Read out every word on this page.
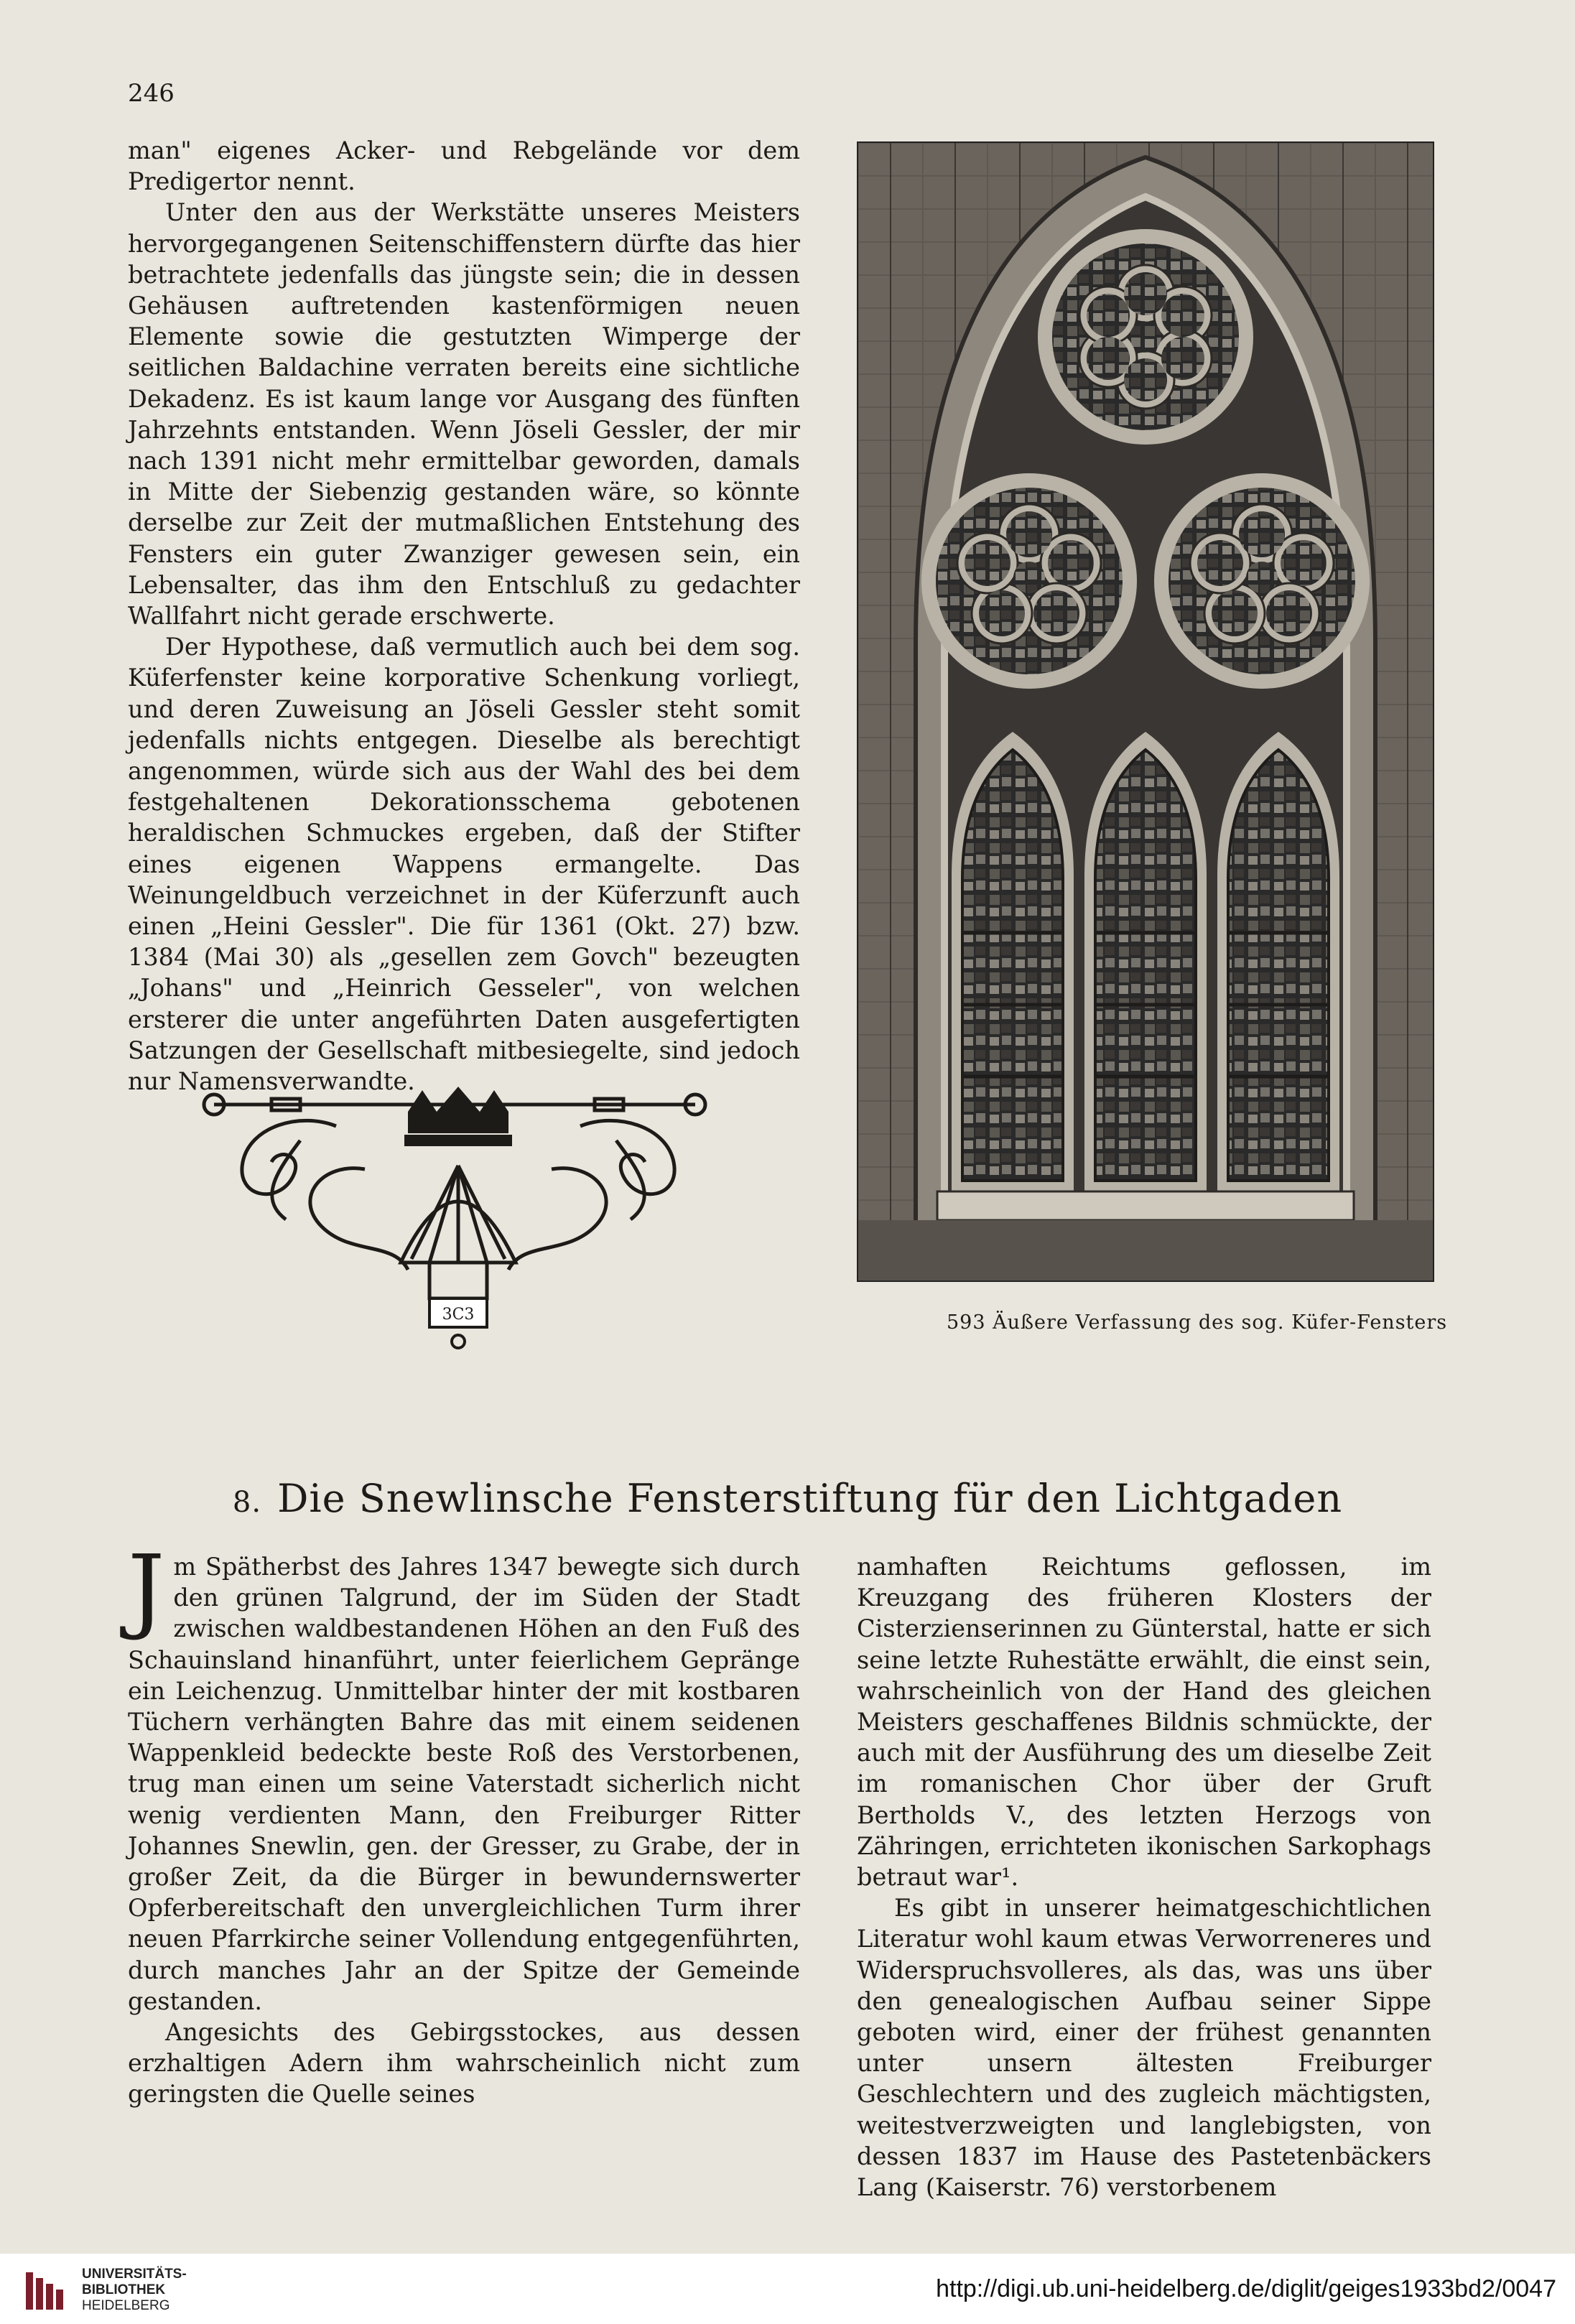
246

man" eigenes Acker- und Rebgelände vor dem Predigertor nennt.

Unter den aus der Werkstätte unseres Meisters hervorgegangenen Seitenschiffenstern dürfte das hier betrachtete jedenfalls das jüngste sein; die in dessen Gehäusen auftretenden kastenförmigen neuen Elemente sowie die gestutzten Wimperge der seitlichen Baldachine verraten bereits eine sichtliche Dekadenz. Es ist kaum lange vor Ausgang des fünften Jahrzehnts entstanden. Wenn Jöseli Gessler, der mir nach 1391 nicht mehr ermittelbar geworden, damals in Mitte der Siebenzig gestanden wäre, so könnte derselbe zur Zeit der mutmaßlichen Entstehung des Fensters ein guter Zwanziger gewesen sein, ein Lebensalter, das ihm den Entschluß zu gedachter Wallfahrt nicht gerade erschwerte.

Der Hypothese, daß vermutlich auch bei dem sog. Küferfenster keine korporative Schenkung vorliegt, und deren Zuweisung an Jöseli Gessler steht somit jedenfalls nichts entgegen. Dieselbe als berechtigt angenommen, würde sich aus der Wahl des bei dem festgehaltenen Dekorationsschema gebotenen heraldischen Schmuckes ergeben, daß der Stifter eines eigenen Wappens ermangelte. Das Weinungeldbuch verzeichnet in der Küferzunft auch einen „Heini Gessler". Die für 1361 (Okt. 27) bzw. 1384 (Mai 30) als „gesellen zem Govch" bezeugten „Johans" und „Heinrich Gesseler", von welchen ersterer die unter angeführten Daten ausgefertigten Satzungen der Gesellschaft mitbesiegelte, sind jedoch nur Namensverwandte.

593 Äußere Verfassung des sog. Küfer-Fensters
3C3
8. Die Snewlinsche Fensterstiftung für den Lichtgaden

Jm Spätherbst des Jahres 1347 bewegte sich durch den grünen Talgrund, der im Süden der Stadt zwischen waldbestandenen Höhen an den Fuß des Schauinsland hinanführt, unter feierlichem Gepränge ein Leichenzug. Unmittelbar hinter der mit kostbaren Tüchern verhängten Bahre das mit einem seidenen Wappenkleid bedeckte beste Roß des Verstorbenen, trug man einen um seine Vaterstadt sicherlich nicht wenig verdienten Mann, den Freiburger Ritter Johannes Snewlin, gen. der Gresser, zu Grabe, der in großer Zeit, da die Bürger in bewundernswerter Opferbereitschaft den unvergleichlichen Turm ihrer neuen Pfarrkirche seiner Vollendung entgegenführten, durch manches Jahr an der Spitze der Gemeinde gestanden.

Angesichts des Gebirgsstockes, aus dessen erzhaltigen Adern ihm wahrscheinlich nicht zum geringsten die Quelle seines

namhaften Reichtums geflossen, im Kreuzgang des früheren Klosters der Cisterzienserinnen zu Günterstal, hatte er sich seine letzte Ruhestätte erwählt, die einst sein, wahrscheinlich von der Hand des gleichen Meisters geschaffenes Bildnis schmückte, der auch mit der Ausführung des um dieselbe Zeit im romanischen Chor über der Gruft Bertholds V., des letzten Herzogs von Zähringen, errichteten ikonischen Sarkophags betraut war¹.

Es gibt in unserer heimatgeschichtlichen Literatur wohl kaum etwas Verworreneres und Widerspruchsvolleres, als das, was uns über den genealogischen Aufbau seiner Sippe geboten wird, einer der frühest genannten unter unsern ältesten Freiburger Geschlechtern und des zugleich mächtigsten, weitestverzweigten und langlebigsten, von dessen 1837 im Hause des Pastetenbäckers Lang (Kaiserstr. 76) verstorbenem

UNIVERSITÄTS-
BIBLIOTHEK
HEIDELBERG
http://digi.ub.uni-heidelberg.de/diglit/geiges1933bd2/0047
